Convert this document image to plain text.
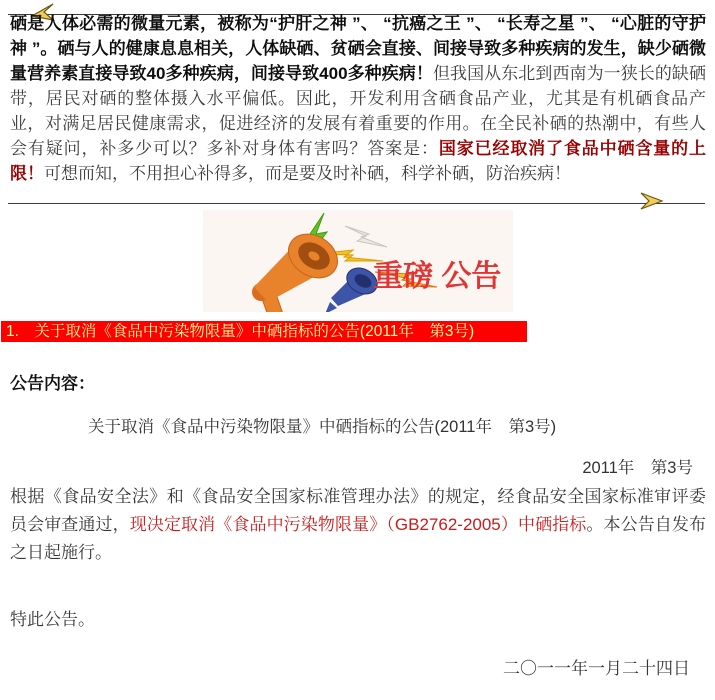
硒是人体必需的微量元素，被称为“护肝之神 ”、 “抗癌之王 ”、 “长寿之星 ”、 “心脏的守护神 ”。硒与人的健康息息相关，人体缺硒、贫硒会直接、间接导致多种疾病的发生，缺少硒微量营养素直接导致40多种疾病，间接导致400多种疾病！但我国从东北到西南为一狭长的缺硒带，居民对硒的整体摄入水平偏低。因此，开发利用含硒食品产业，尤其是有机硒食品产业，对满足居民健康需求，促进经济的发展有着重要的作用。在全民补硒的热潮中，有些人会有疑问，补多少可以？多补对身体有害吗？答案是：国家已经取消了食品中硒含量的上限！可想而知，不用担心补得多，而是要及时补硒，科学补硒，防治疾病！

重磅 公告
1.　关于取消《食品中污染物限量》中硒指标的公告(2011年　第3号)
公告内容：
关于取消《食品中污染物限量》中硒指标的公告(2011年　第3号)
2011年　第3号

根据《食品安全法》和《食品安全国家标准管理办法》的规定，经食品安全国家标准审评委员会审查通过，现决定取消《食品中污染物限量》（GB2762-2005）中硒指标。本公告自发布之日起施行。

特此公告。
二〇一一年一月二十四日
